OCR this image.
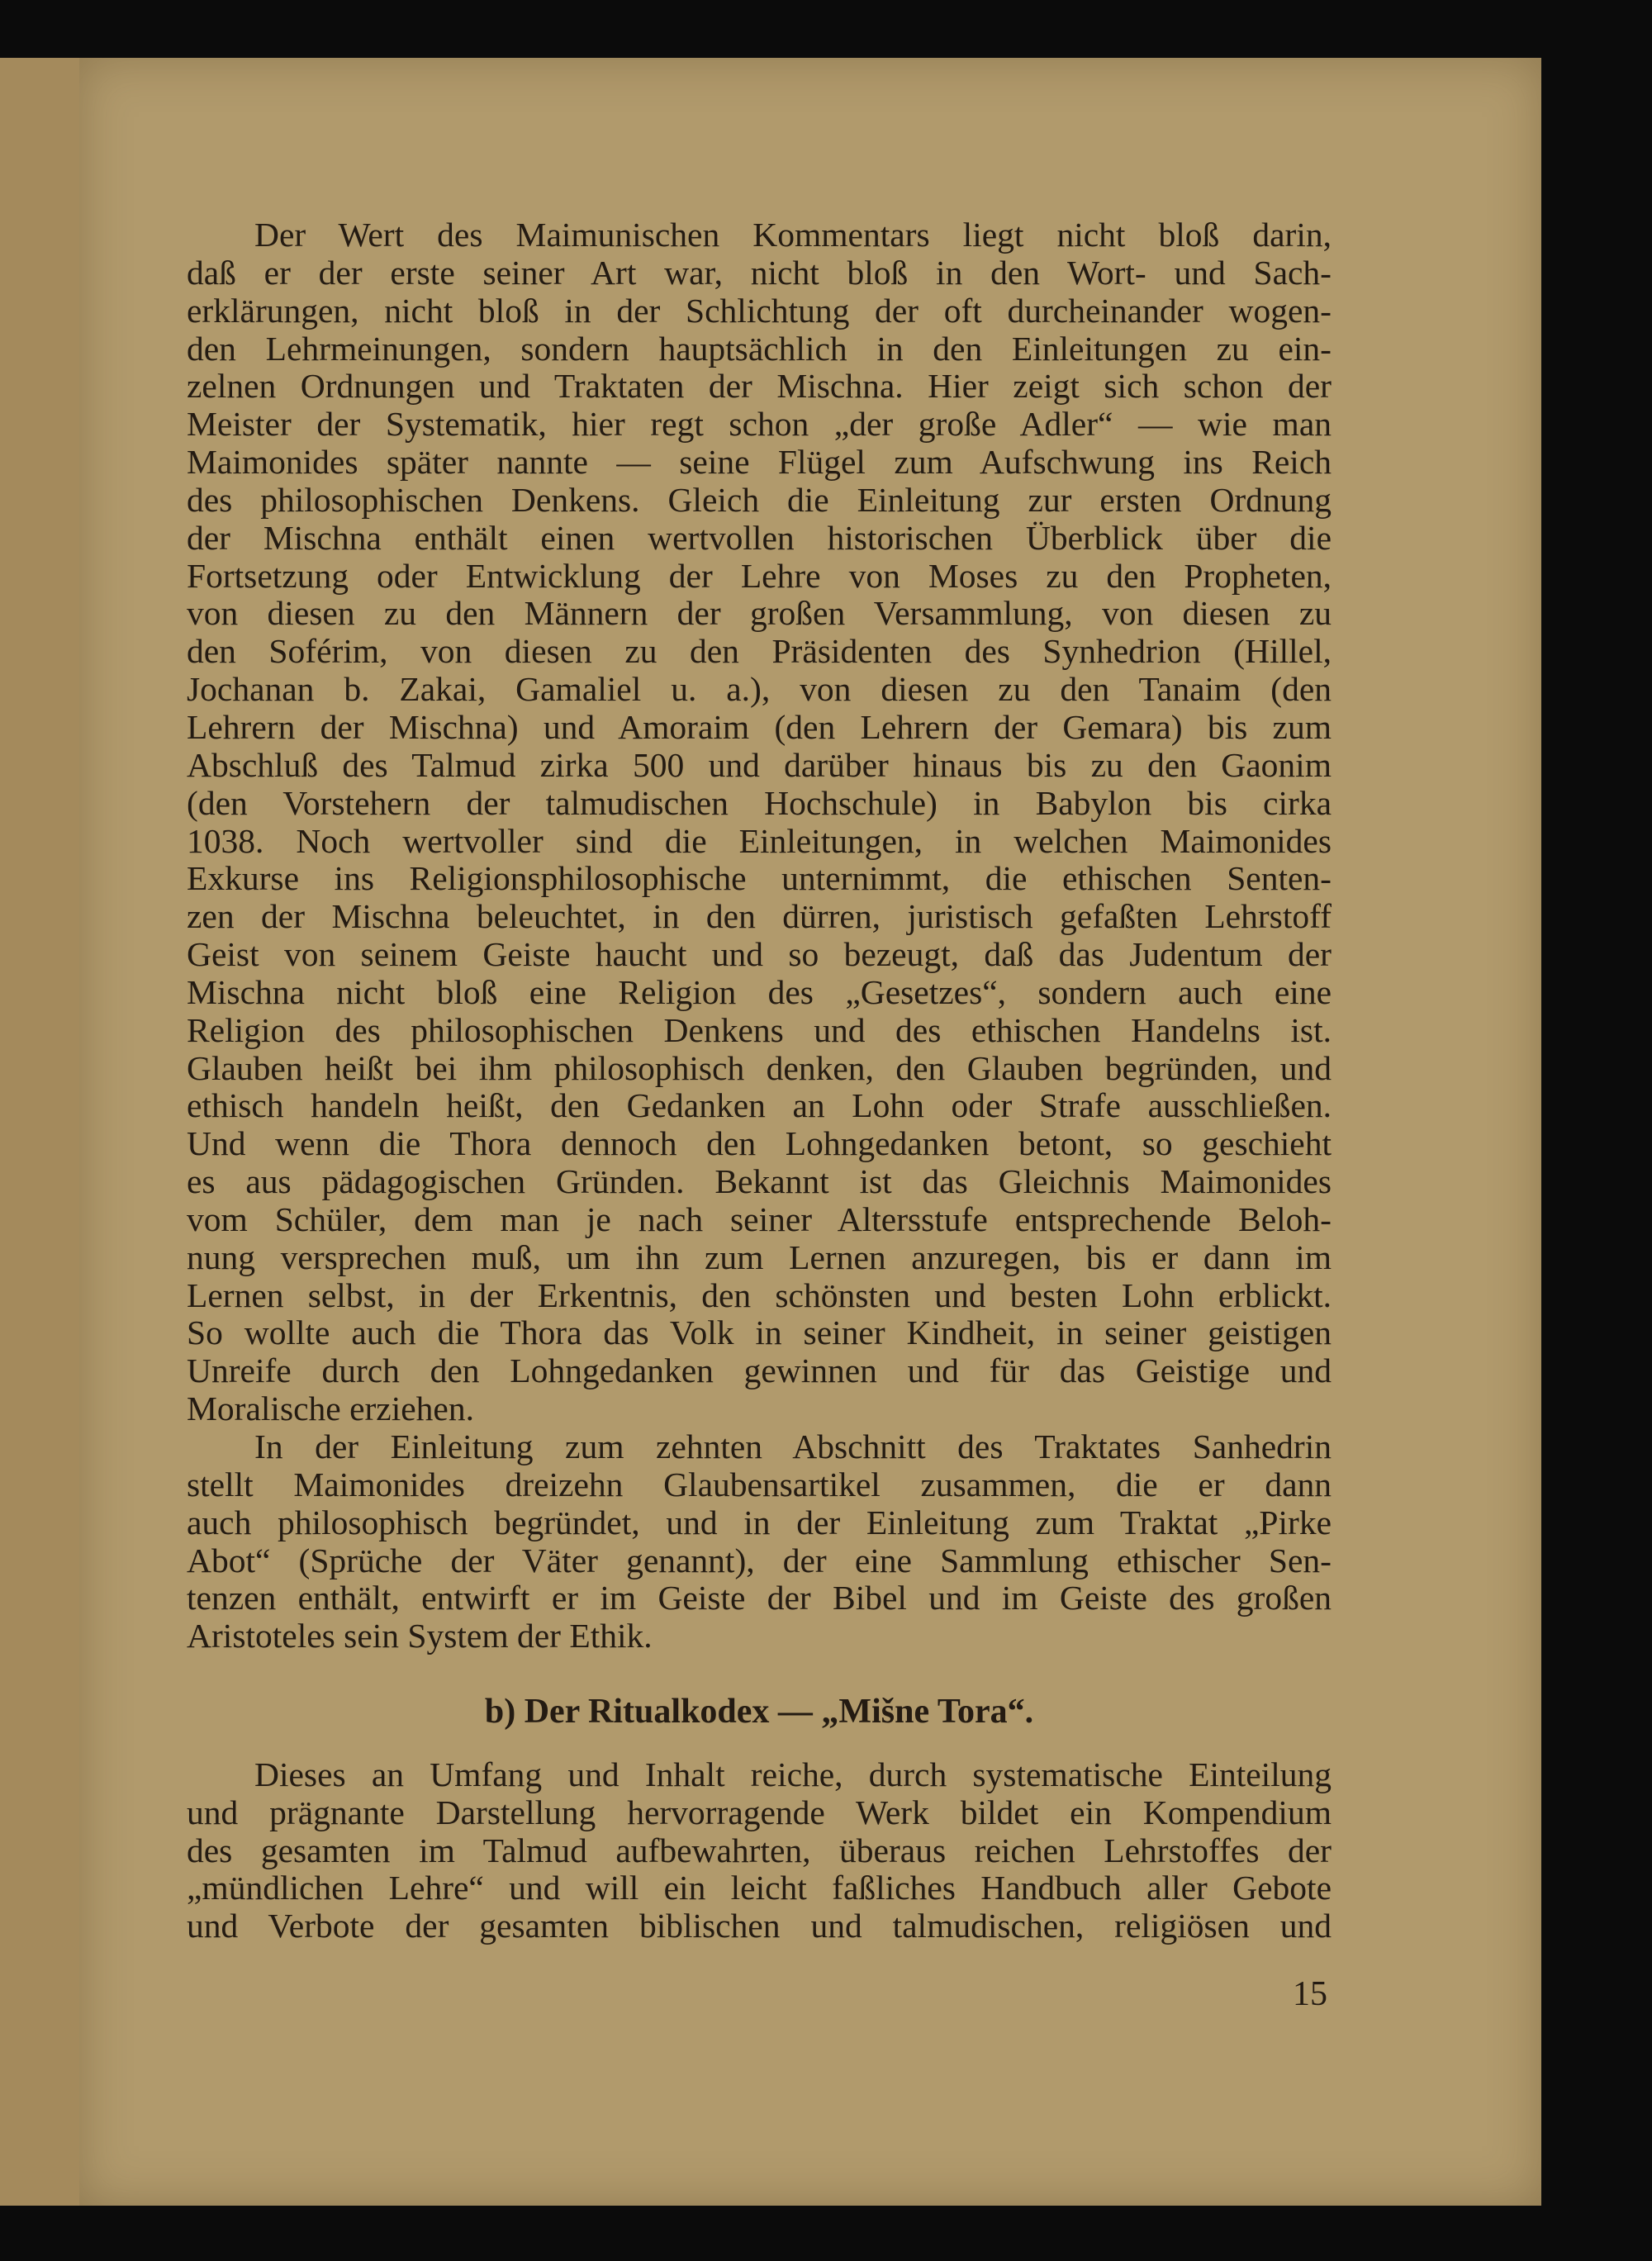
Der Wert des Maimunischen Kommentars liegt nicht bloß darin,
daß er der erste seiner Art war, nicht bloß in den Wort- und Sach-
erklärungen, nicht bloß in der Schlichtung der oft durcheinander wogen-
den Lehrmeinungen, sondern hauptsächlich in den Einleitungen zu ein-
zelnen Ordnungen und Traktaten der Mischna. Hier zeigt sich schon der
Meister der Systematik, hier regt schon „der große Adler“ — wie man
Maimonides später nannte — seine Flügel zum Aufschwung ins Reich
des philosophischen Denkens. Gleich die Einleitung zur ersten Ordnung
der Mischna enthält einen wertvollen historischen Überblick über die
Fortsetzung oder Entwicklung der Lehre von Moses zu den Propheten,
von diesen zu den Männern der großen Versammlung, von diesen zu
den Soférim, von diesen zu den Präsidenten des Synhedrion (Hillel,
Jochanan b. Zakai, Gamaliel u. a.), von diesen zu den Tanaim (den
Lehrern der Mischna) und Amoraim (den Lehrern der Gemara) bis zum
Abschluß des Talmud zirka 500 und darüber hinaus bis zu den Gaonim
(den Vorstehern der talmudischen Hochschule) in Babylon bis cirka
1038. Noch wertvoller sind die Einleitungen, in welchen Maimonides
Exkurse ins Religionsphilosophische unternimmt, die ethischen Senten-
zen der Mischna beleuchtet, in den dürren, juristisch gefaßten Lehrstoff
Geist von seinem Geiste haucht und so bezeugt, daß das Judentum der
Mischna nicht bloß eine Religion des „Gesetzes“, sondern auch eine
Religion des philosophischen Denkens und des ethischen Handelns ist.
Glauben heißt bei ihm philosophisch denken, den Glauben begründen, und
ethisch handeln heißt, den Gedanken an Lohn oder Strafe ausschließen.
Und wenn die Thora dennoch den Lohngedanken betont, so geschieht
es aus pädagogischen Gründen. Bekannt ist das Gleichnis Maimonides
vom Schüler, dem man je nach seiner Altersstufe entsprechende Beloh-
nung versprechen muß, um ihn zum Lernen anzuregen, bis er dann im
Lernen selbst, in der Erkentnis, den schönsten und besten Lohn erblickt.
So wollte auch die Thora das Volk in seiner Kindheit, in seiner geistigen
Unreife durch den Lohngedanken gewinnen und für das Geistige und
Moralische erziehen.
In der Einleitung zum zehnten Abschnitt des Traktates Sanhedrin
stellt Maimonides dreizehn Glaubensartikel zusammen, die er dann
auch philosophisch begründet, und in der Einleitung zum Traktat „Pirke
Abot“ (Sprüche der Väter genannt), der eine Sammlung ethischer Sen-
tenzen enthält, entwirft er im Geiste der Bibel und im Geiste des großen
Aristoteles sein System der Ethik.
b) Der Ritualkodex — „Mišne Tora“.
Dieses an Umfang und Inhalt reiche, durch systematische Einteilung
und prägnante Darstellung hervorragende Werk bildet ein Kompendium
des gesamten im Talmud aufbewahrten, überaus reichen Lehrstoffes der
„mündlichen Lehre“ und will ein leicht faßliches Handbuch aller Gebote
und Verbote der gesamten biblischen und talmudischen, religiösen und
15
